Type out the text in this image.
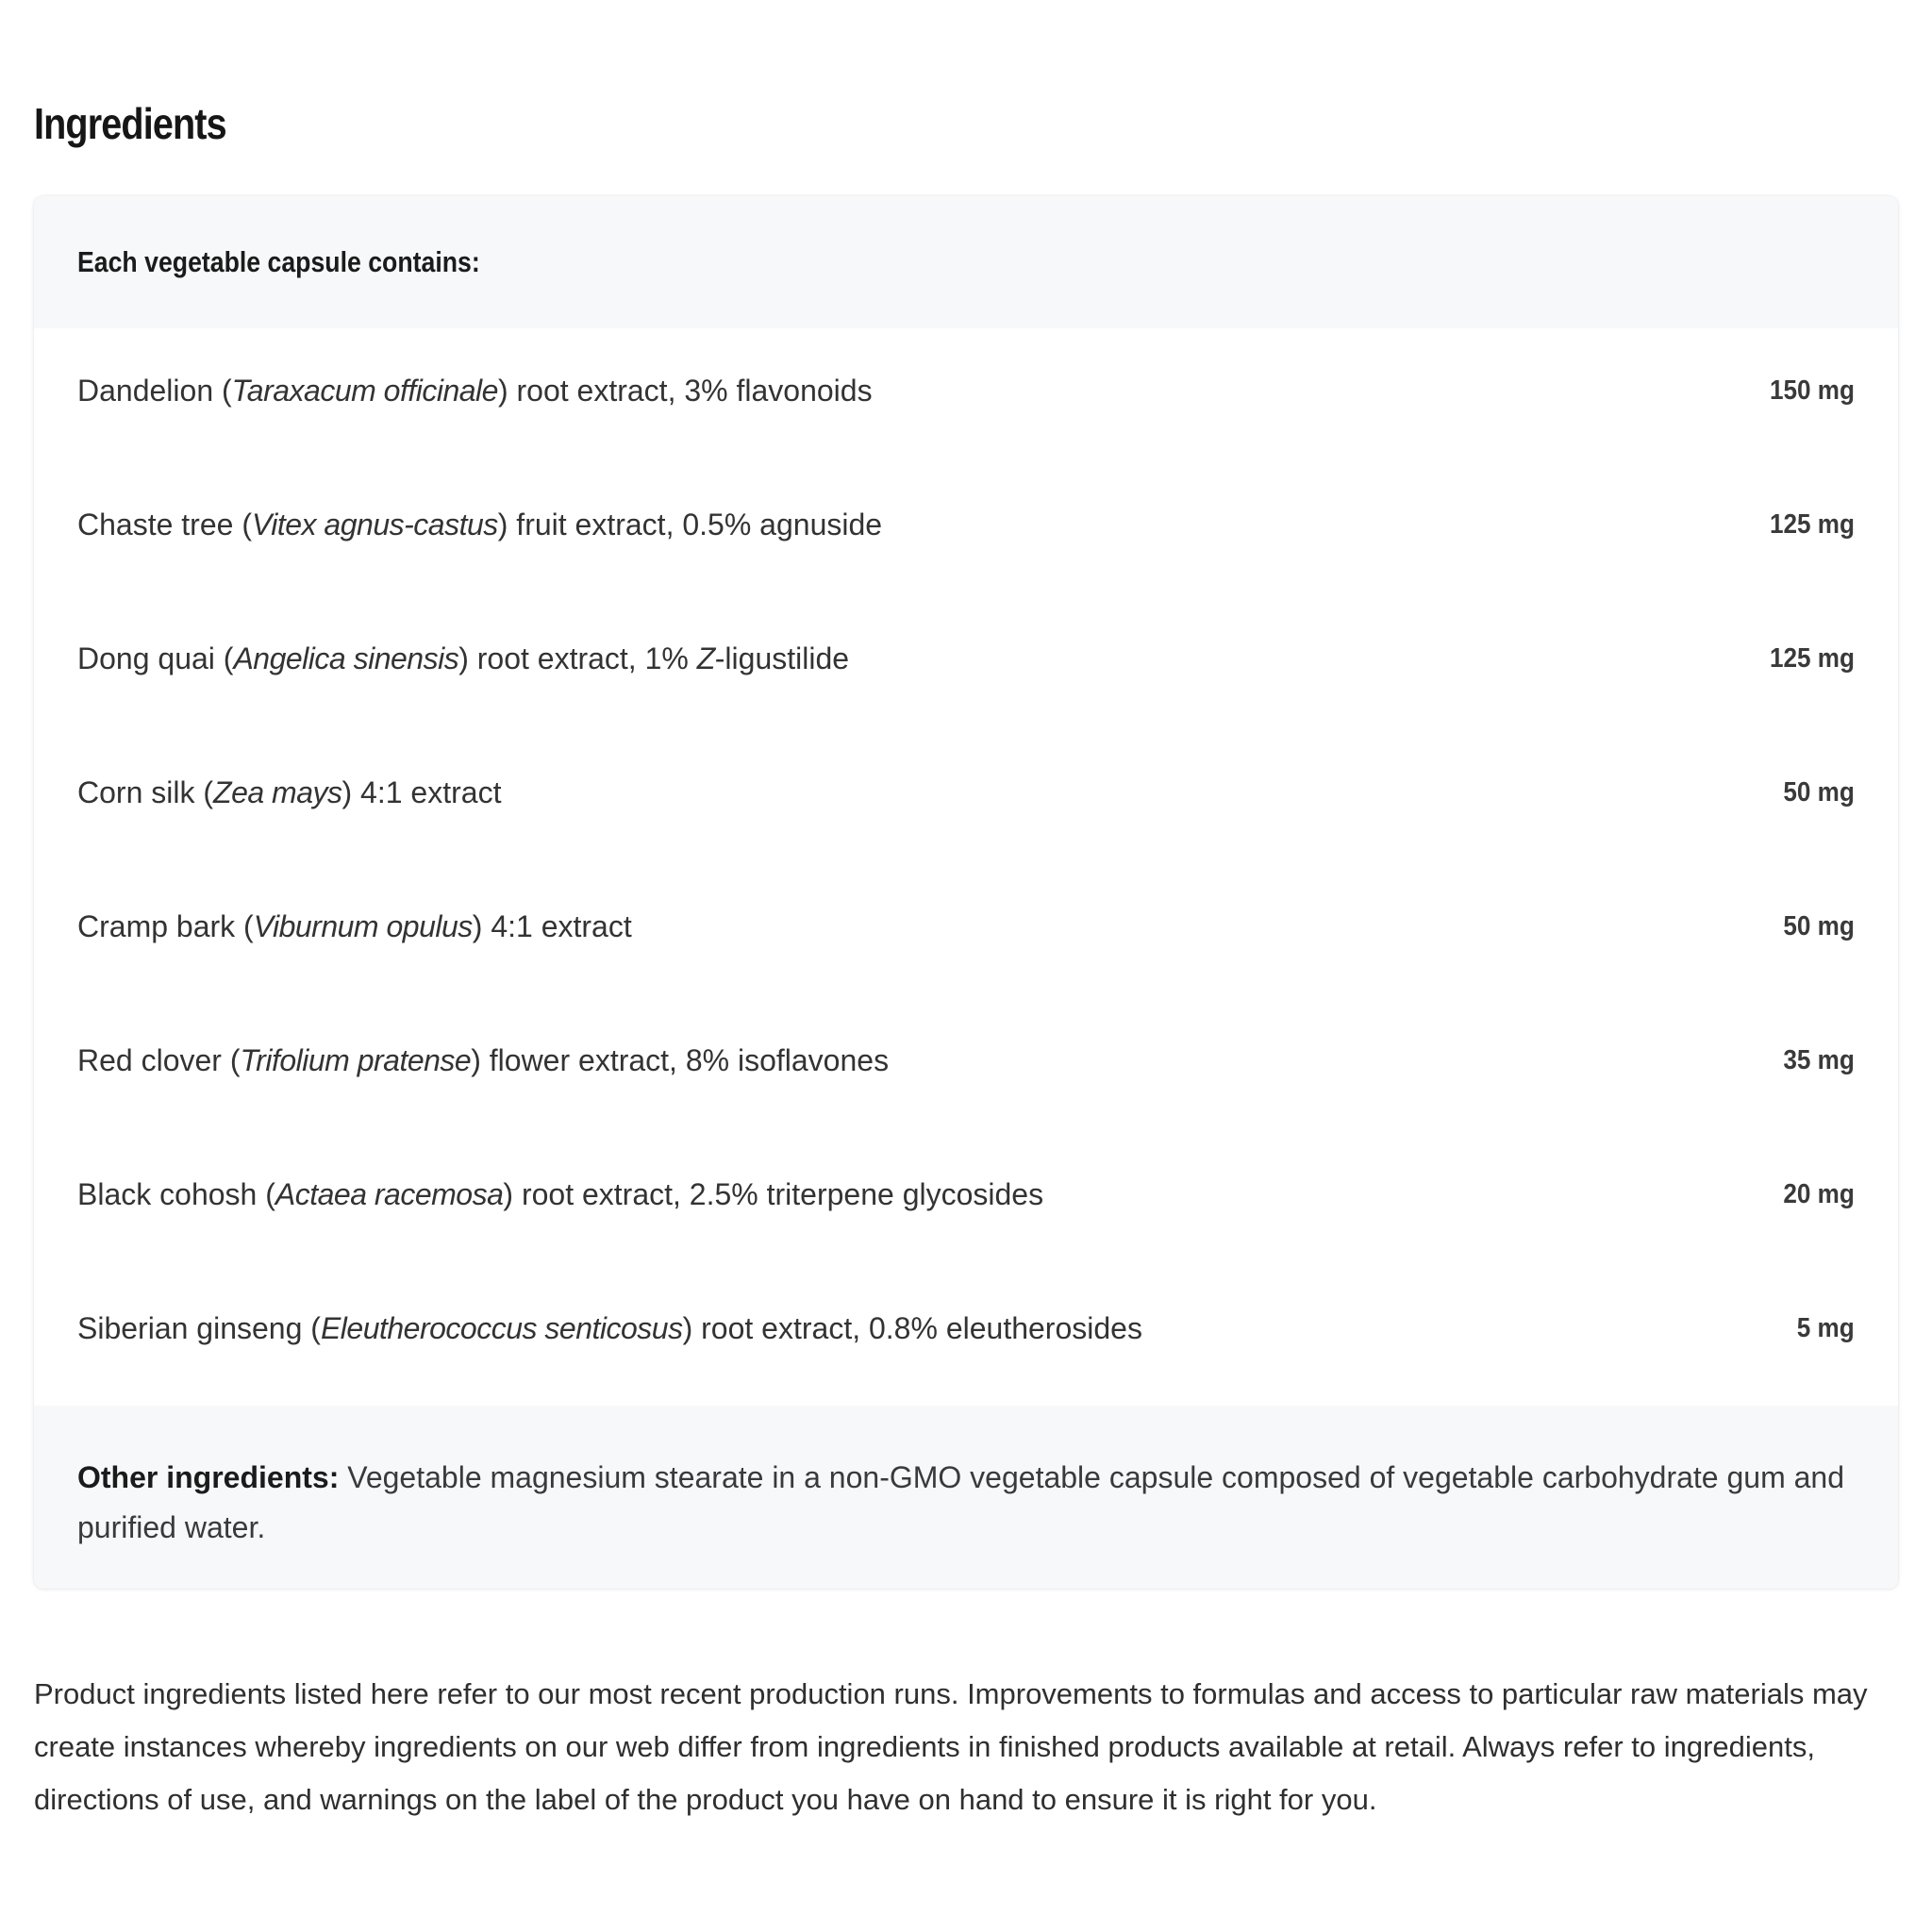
Ingredients
Each vegetable capsule contains:
Dandelion (Taraxacum officinale) root extract, 3% flavonoids	150 mg
Chaste tree (Vitex agnus-castus) fruit extract, 0.5% agnuside	125 mg
Dong quai (Angelica sinensis) root extract, 1% Z-ligustilide	125 mg
Corn silk (Zea mays) 4:1 extract	50 mg
Cramp bark (Viburnum opulus) 4:1 extract	50 mg
Red clover (Trifolium pratense) flower extract, 8% isoflavones	35 mg
Black cohosh (Actaea racemosa) root extract, 2.5% triterpene glycosides	20 mg
Siberian ginseng (Eleutherococcus senticosus) root extract, 0.8% eleutherosides	5 mg
Other ingredients: Vegetable magnesium stearate in a non-GMO vegetable capsule composed of vegetable carbohydrate gum and purified water.

Product ingredients listed here refer to our most recent production runs. Improvements to formulas and access to particular raw materials may create instances whereby ingredients on our web differ from ingredients in finished products available at retail. Always refer to ingredients, directions of use, and warnings on the label of the product you have on hand to ensure it is right for you.
